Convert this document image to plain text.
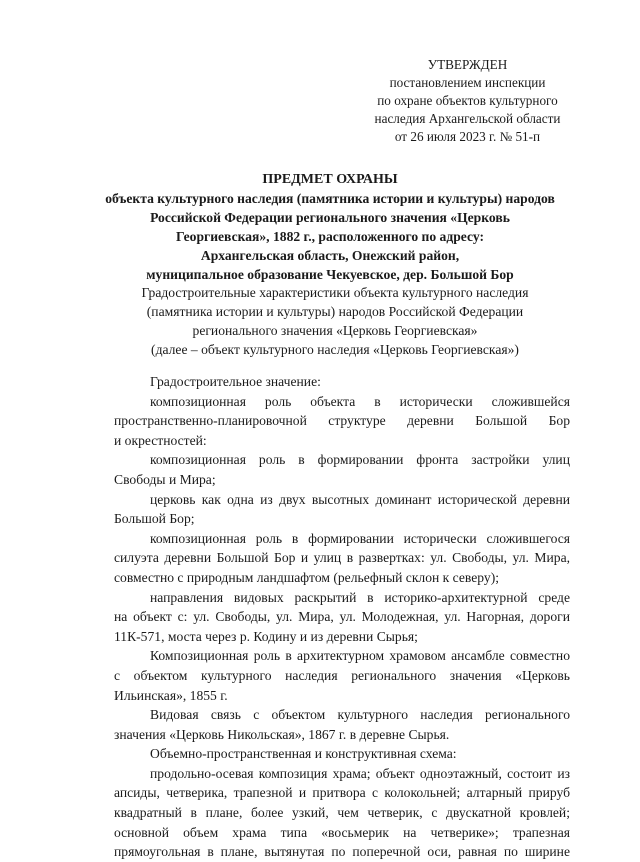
УТВЕРЖДЕН
постановлением инспекции
по охране объектов культурного
наследия Архангельской области
от 26 июля 2023 г. № 51-п
ПРЕДМЕТ ОХРАНЫ
объекта культурного наследия (памятника истории и культуры) народов
Российской Федерации регионального значения «Церковь
Георгиевская», 1882 г., расположенного по адресу:
Архангельская область, Онежский район,
муниципальное образование Чекуевское, дер. Большой Бор
Градостроительные характеристики объекта культурного наследия
(памятника истории и культуры) народов Российской Федерации
регионального значения «Церковь Георгиевская»
(далее – объект культурного наследия «Церковь Георгиевская»)
Градостроительное значение:
композиционная роль объекта в исторически сложившейся
пространственно-планировочной структуре деревни Большой Бор
и окрестностей:
композиционная роль в формировании фронта застройки улиц
Свободы и Мира;
церковь как одна из двух высотных доминант исторической деревни
Большой Бор;
композиционная роль в формировании исторически сложившегося
силуэта деревни Большой Бор и улиц в развертках: ул. Свободы, ул. Мира,
совместно с природным ландшафтом (рельефный склон к северу);
направления видовых раскрытий в историко-архитектурной среде
на объект с: ул. Свободы, ул. Мира, ул. Молодежная, ул. Нагорная, дороги
11К-571, моста через р. Кодину и из деревни Сырья;
Композиционная роль в архитектурном храмовом ансамбле совместно
с объектом культурного наследия регионального значения «Церковь
Ильинская», 1855 г.
Видовая связь с объектом культурного наследия регионального
значения «Церковь Никольская», 1867 г. в деревне Сырья.
Объемно-пространственная и конструктивная схема:
продольно-осевая композиция храма; объект одноэтажный, состоит из
апсиды, четверика, трапезной и притвора с колокольней; алтарный прируб
квадратный в плане, более узкий, чем четверик, с двускатной кровлей;
основной объем храма типа «восьмерик на четверике»; трапезная
прямоугольная в плане, вытянутая по поперечной оси, равная по ширине
